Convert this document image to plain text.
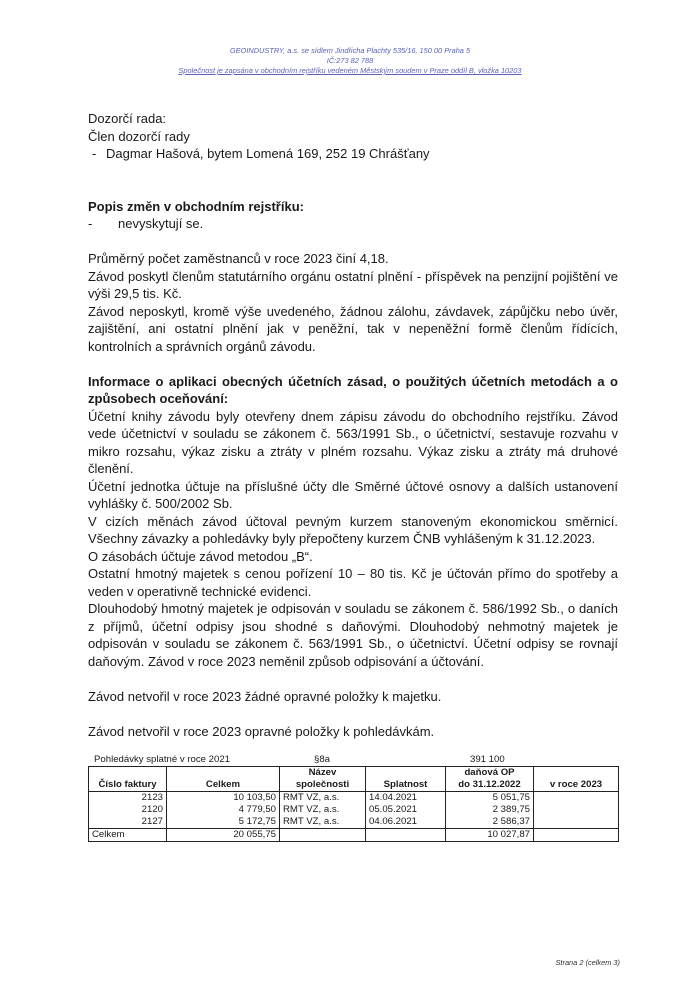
GEOINDUSTRY, a.s. se sídlem Jindřicha Plachty 535/16, 150 00 Praha 5
IČ:273 82 788
Společnost je zapsána v obchodním rejstříku vedeném Městským soudem v Praze oddíl B, vložka 10203

Dozorčí rada:

Člen dozorčí rady

- Dagmar Hašová, bytem Lomená 169, 252 19 Chrášťany

Popis změn v obchodním rejstříku:

- nevyskytují se.

Průměrný počet zaměstnanců v roce 2023 činí 4,18.

Závod poskytl členům statutárního orgánu ostatní plnění - příspěvek na penzijní pojištění ve výši 29,5 tis. Kč.

Závod neposkytl, kromě výše uvedeného, žádnou zálohu, závdavek, zápůjčku nebo úvěr, zajištění, ani ostatní plnění jak v peněžní, tak v nepeněžní formě členům řídících, kontrolních a správních orgánů závodu.

Informace o aplikaci obecných účetních zásad, o použitých účetních metodách a o způsobech oceňování:

Účetní knihy závodu byly otevřeny dnem zápisu závodu do obchodního rejstříku. Závod vede účetnictví v souladu se zákonem č. 563/1991 Sb., o účetnictví, sestavuje rozvahu v mikro rozsahu, výkaz zisku a ztráty v plném rozsahu. Výkaz zisku a ztráty má druhové členění.

Účetní jednotka účtuje na příslušné účty dle Směrné účtové osnovy a dalších ustanovení vyhlášky č. 500/2002 Sb.

V cizích měnách závod účtoval pevným kurzem stanoveným ekonomickou směrnicí. Všechny závazky a pohledávky byly přepočteny kurzem ČNB vyhlášeným k 31.12.2023.

O zásobách účtuje závod metodou „B“.

Ostatní hmotný majetek s cenou pořízení 10 – 80 tis. Kč je účtován přímo do spotřeby a veden v operativně technické evidenci.

Dlouhodobý hmotný majetek je odpisován v souladu se zákonem č. 586/1992 Sb., o daních z příjmů, účetní odpisy jsou shodné s daňovými. Dlouhodobý nehmotný majetek je odpisován v souladu se zákonem č. 563/1991 Sb., o účetnictví. Účetní odpisy se rovnají daňovým. Závod v roce 2023 neměnil způsob odpisování a účtování.

Závod netvořil v roce 2023 žádné opravné položky k majetku.

Závod netvořil v roce 2023 opravné položky k pohledávkám.

Pohledávky splatné v roce 2021	§8a	391 100
		Název		daňová OP	
Číslo faktury	Celkem	společnosti	Splatnost	do 31.12.2022	v roce 2023
2123	10 103,50	RMT VZ, a.s.	14.04.2021	5 051,75	
2120	4 779,50	RMT VZ, a.s.	05.05.2021	2 389,75	
2127	5 172,75	RMT VZ, a.s.	04.06.2021	2 586,37	
Celkem	20 055,75			10 027,87	
Strana 2 (celkem 3)
